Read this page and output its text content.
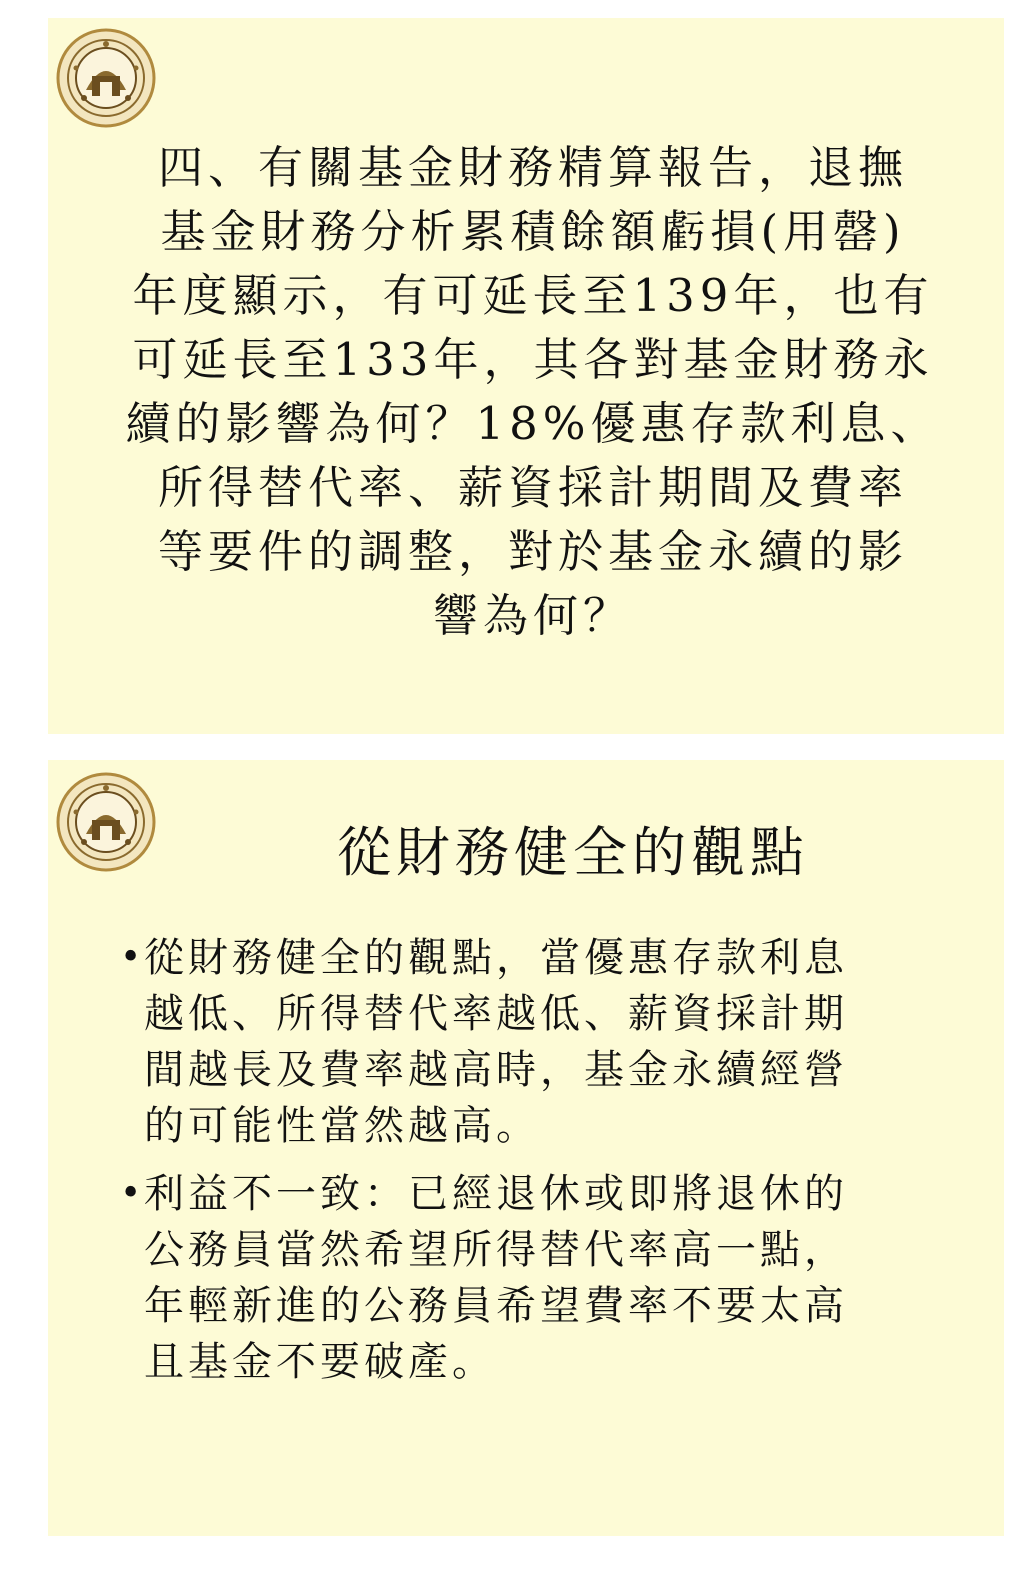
四、有關基金財務精算報告，退撫
基金財務分析累積餘額虧損(用罄)
年度顯示，有可延長至139年，也有
可延長至133年，其各對基金財務永
續的影響為何？18%優惠存款利息、
所得替代率、薪資採計期間及費率
等要件的調整，對於基金永續的影
響為何？

從財務健全的觀點
•
從財務健全的觀點，當優惠存款利息
越低、所得替代率越低、薪資採計期
間越長及費率越高時，基金永續經營
的可能性當然越高。
•
利益不一致：已經退休或即將退休的
公務員當然希望所得替代率高一點，
年輕新進的公務員希望費率不要太高
且基金不要破產。
